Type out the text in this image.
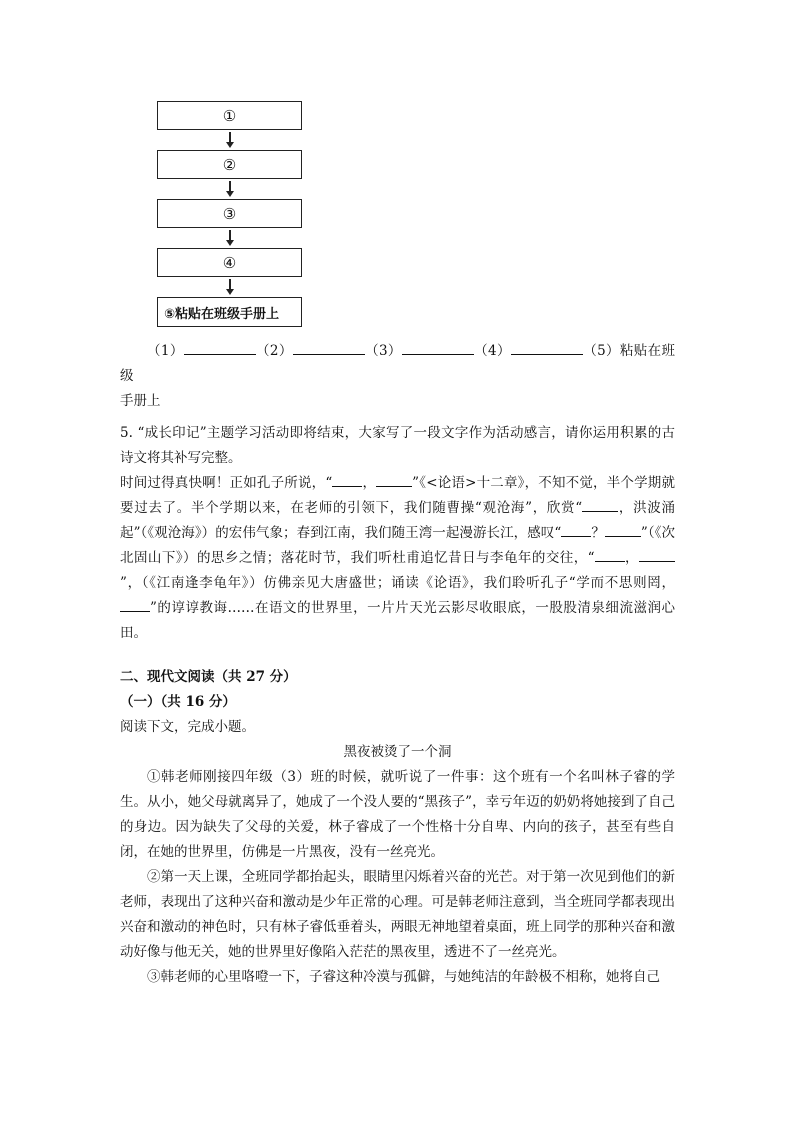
①
②
③
④
⑤粘贴在班级手册上

（1）	（2）	（3）	（4）	（5）粘贴在班级

手册上

5. “成长印记”主题学习活动即将结束，大家写了一段文字作为活动感言，请你运用积累的古诗文将其补写完整。

时间过得真快啊！正如孔子所说，“ ，	”《<论语>十二章》，不知不觉，半个学期就要过去了。半个学期以来，在老师的引领下，我们随曹操“观沧海”，欣赏“	，洪波涌起”（《观沧海》）的宏伟气象；春到江南，我们随王湾一起漫游长江，感叹“ ？	”（《次北固山下》）的思乡之情；落花时节，我们听杜甫追忆昔日与李龟年的交往，“ ，”，（《江南逢李龟年》）仿佛亲见大唐盛世；诵读《论语》，我们聆听孔子“学而不思则罔，”的谆谆教诲……在语文的世界里，一片片天光云影尽收眼底，一股股清泉细流滋润心田。

二、现代文阅读（共 27 分）

（一）（共 16 分）

阅读下文，完成小题。

黑夜被烫了一个洞

①韩老师刚接四年级（3）班的时候，就听说了一件事：这个班有一个名叫林子睿的学生。从小，她父母就离异了，她成了一个没人要的“黑孩子”，幸亏年迈的奶奶将她接到了自己的身边。因为缺失了父母的关爱，林子睿成了一个性格十分自卑、内向的孩子，甚至有些自闭，在她的世界里，仿佛是一片黑夜，没有一丝亮光。

②第一天上课，全班同学都抬起头，眼睛里闪烁着兴奋的光芒。对于第一次见到他们的新老师，表现出了这种兴奋和激动是少年正常的心理。可是韩老师注意到，当全班同学都表现出兴奋和激动的神色时，只有林子睿低垂着头，两眼无神地望着桌面，班上同学的那种兴奋和激动好像与他无关，她的世界里好像陷入茫茫的黑夜里，透进不了一丝亮光。

③韩老师的心里咯噔一下，子睿这种冷漠与孤僻，与她纯洁的年龄极不相称，她将自己
